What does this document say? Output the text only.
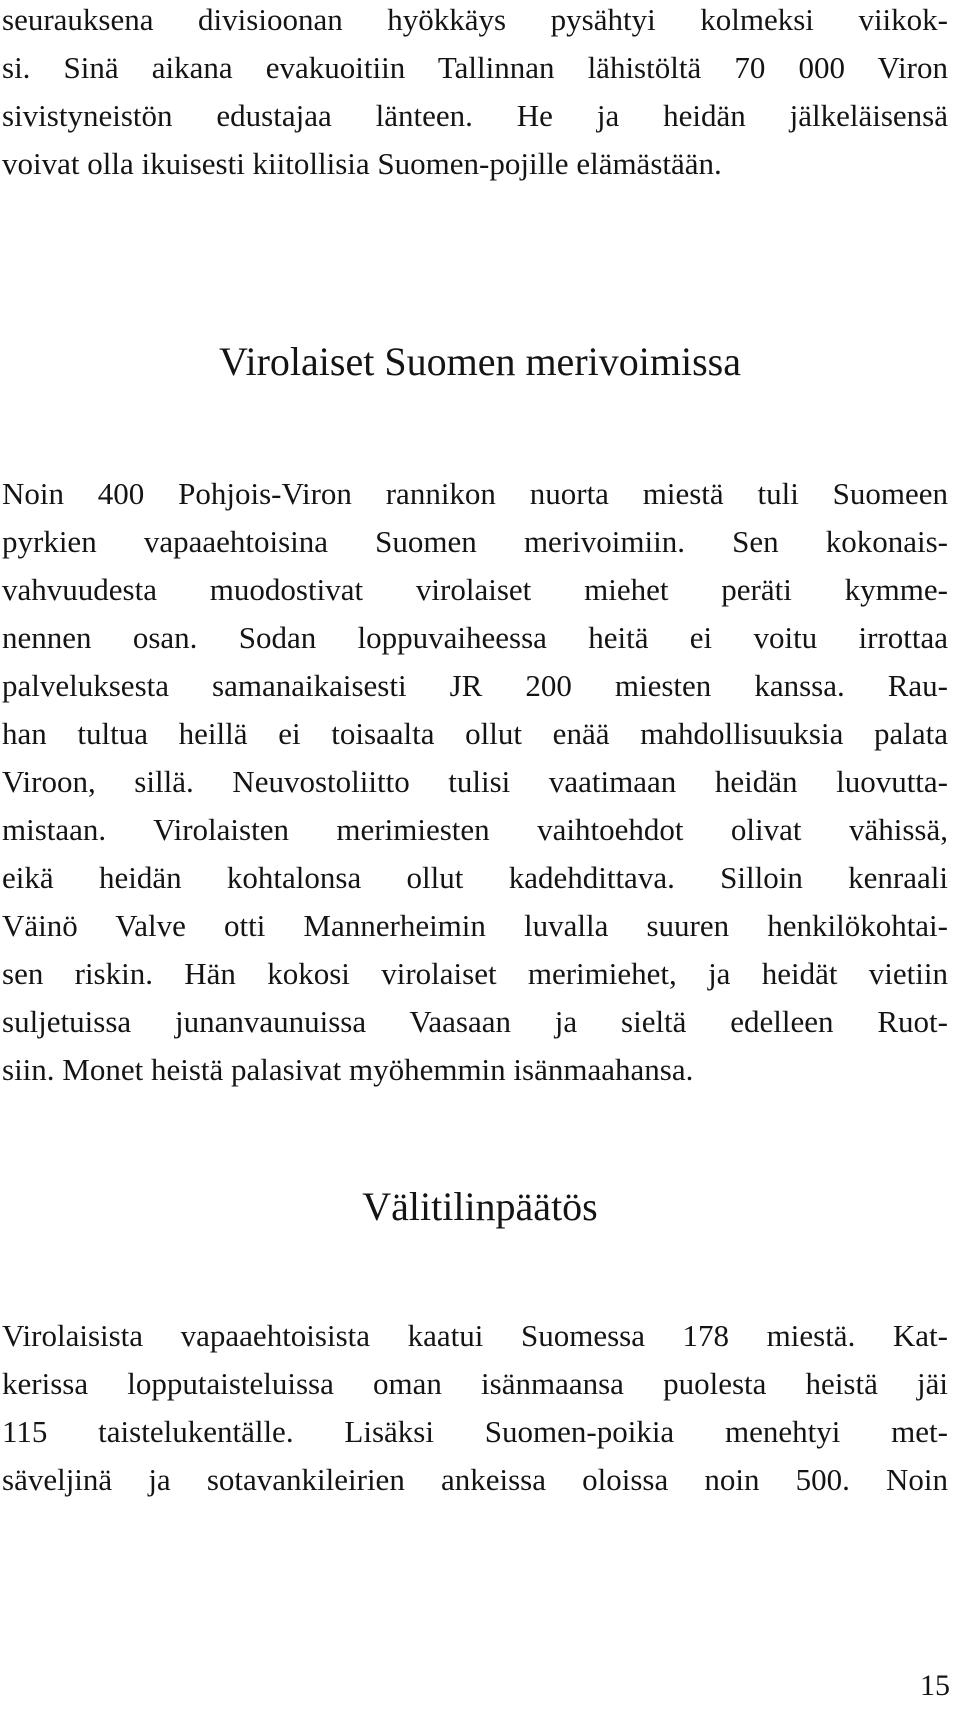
seurauksena divisioonan hyökkäys pysähtyi kolmeksi viikok-
si. Sinä aikana evakuoitiin Tallinnan lähistöltä 70 000 Viron
sivistyneistön edustajaa länteen. He ja heidän jälkeläisensä
voivat olla ikuisesti kiitollisia Suomen-pojille elämästään.
Virolaiset Suomen merivoimissa
Noin 400 Pohjois-Viron rannikon nuorta miestä tuli Suomeen
pyrkien vapaaehtoisina Suomen merivoimiin. Sen kokonais-
vahvuudesta muodostivat virolaiset miehet peräti kymme-
nennen osan. Sodan loppuvaiheessa heitä ei voitu irrottaa
palveluksesta samanaikaisesti JR 200 miesten kanssa. Rau-
han tultua heillä ei toisaalta ollut enää mahdollisuuksia palata
Viroon, sillä. Neuvostoliitto tulisi vaatimaan heidän luovutta-
mistaan. Virolaisten merimiesten vaihtoehdot olivat vähissä,
eikä heidän kohtalonsa ollut kadehdittava. Silloin kenraali
Väinö Valve otti Mannerheimin luvalla suuren henkilökohtai-
sen riskin. Hän kokosi virolaiset merimiehet, ja heidät vietiin
suljetuissa junanvaunuissa Vaasaan ja sieltä edelleen Ruot-
siin. Monet heistä palasivat myöhemmin isänmaahansa.
Välitilinpäätös
Virolaisista vapaaehtoisista kaatui Suomessa 178 miestä. Kat-
kerissa lopputaisteluissa oman isänmaansa puolesta heistä jäi
115 taistelukentälle. Lisäksi Suomen-poikia menehtyi met-
säveljinä ja sotavankileirien ankeissa oloissa noin 500. Noin

15
